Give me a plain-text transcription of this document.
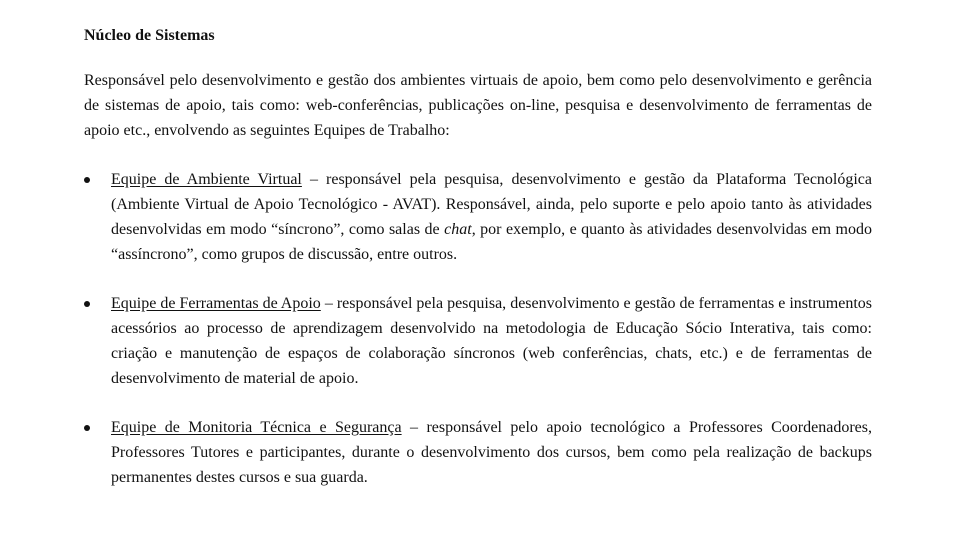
Núcleo de Sistemas

Responsável pelo desenvolvimento e gestão dos ambientes virtuais de apoio, bem como pelo desenvolvimento e gerência de sistemas de apoio, tais como: web-conferências, publicações on-line, pesquisa e desenvolvimento de ferramentas de apoio etc., envolvendo as seguintes Equipes de Trabalho:

Equipe de Ambiente Virtual – responsável pela pesquisa, desenvolvimento e gestão da Plataforma Tecnológica (Ambiente Virtual de Apoio Tecnológico - AVAT). Responsável, ainda, pelo suporte e pelo apoio tanto às atividades desenvolvidas em modo “síncrono”, como salas de chat, por exemplo, e quanto às atividades desenvolvidas em modo “assíncrono”, como grupos de discussão, entre outros.
Equipe de Ferramentas de Apoio – responsável pela pesquisa, desenvolvimento e gestão de ferramentas e instrumentos acessórios ao processo de aprendizagem desenvolvido na metodologia de Educação Sócio Interativa, tais como: criação e manutenção de espaços de colaboração síncronos (web conferências, chats, etc.) e de ferramentas de desenvolvimento de material de apoio.
Equipe de Monitoria Técnica e Segurança – responsável pelo apoio tecnológico a Professores Coordenadores, Professores Tutores e participantes, durante o desenvolvimento dos cursos, bem como pela realização de backups permanentes destes cursos e sua guarda.
